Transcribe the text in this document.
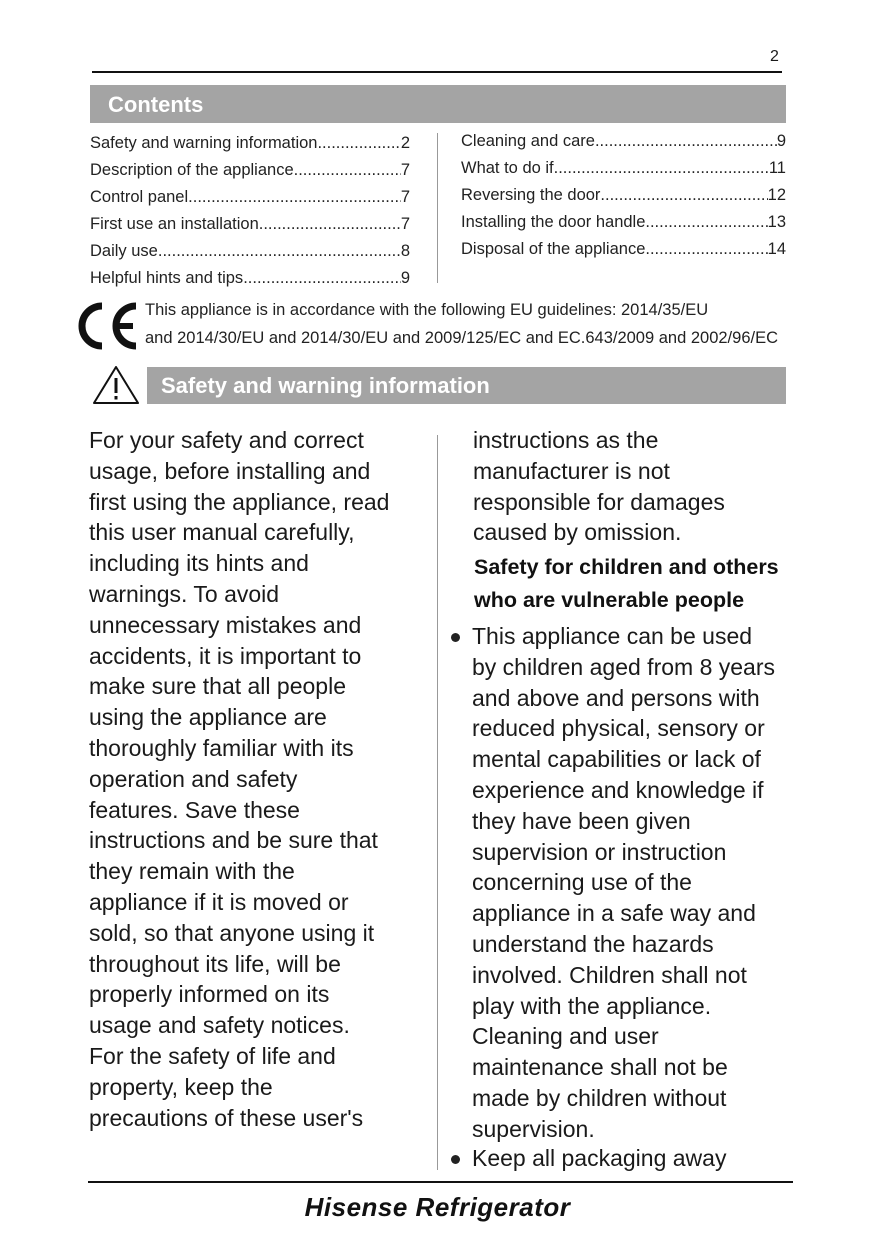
2
Contents
Safety and warning information .....	2
Description of the appliance .....	7
Control panel .....	7
First use an installation .....	7
Daily use .....	8
Helpful hints and tips .....	9
Cleaning and care .....	9
What to do if... .....	11
Reversing the door .....	12
Installing the door handle .....	13
Disposal of the appliance .....	14
This appliance is in accordance with the following EU guidelines: 2014/35/EU
and 2014/30/EU and 2014/30/EU and 2009/125/EC and EC.643/2009 and 2002/96/EC
Safety and warning information
For your safety and correct
usage, before installing and
first using the appliance, read
this user manual carefully,
including its hints and
warnings. To avoid
unnecessary mistakes and
accidents, it is important to
make sure that all people
using the appliance are
thoroughly familiar with its
operation and safety
features. Save these
instructions and be sure that
they remain with the
appliance if it is moved or
sold, so that anyone using it
throughout its life, will be
properly informed on its
usage and safety notices.
For the safety of life and
property, keep the
precautions of these user's
instructions as the
manufacturer is not
responsible for damages
caused by omission.
Safety for children and others
who are vulnerable people
This appliance can be used
by children aged from 8 years
and above and persons with
reduced physical, sensory or
mental capabilities or lack of
experience and knowledge if
they have been given
supervision or instruction
concerning use of the
appliance in a safe way and
understand the hazards
involved. Children shall not
play with the appliance.
Cleaning and user
maintenance shall not be
made by children without
supervision.
Keep all packaging away
Hisense Refrigerator
